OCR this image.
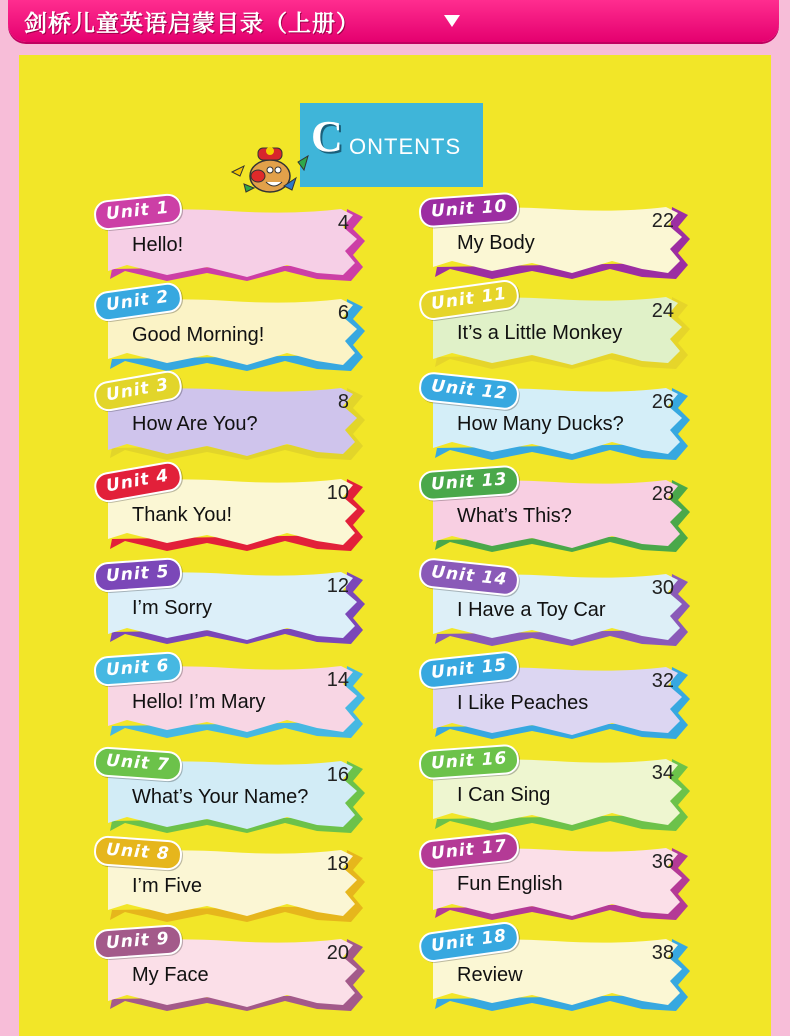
剑桥儿童英语启蒙目录（上册）
C ONTENTS
Unit 1	4
Hello!
Unit 2	6
Good Morning!
Unit 3	8
How Are You?
Unit 4	10
Thank You!
Unit 5	12
I’m Sorry
Unit 6	14
Hello! I’m Mary
Unit 7	16
What’s Your Name?
Unit 8	18
I’m Five
Unit 9	20
My Face
Unit 10	22
My Body
Unit 11	24
It’s a Little Monkey
Unit 12	26
How Many Ducks?
Unit 13	28
What’s This?
Unit 14	30
I Have a Toy Car
Unit 15	32
I Like Peaches
Unit 16	34
I Can Sing
Unit 17	36
Fun English
Unit 18	38
Review
